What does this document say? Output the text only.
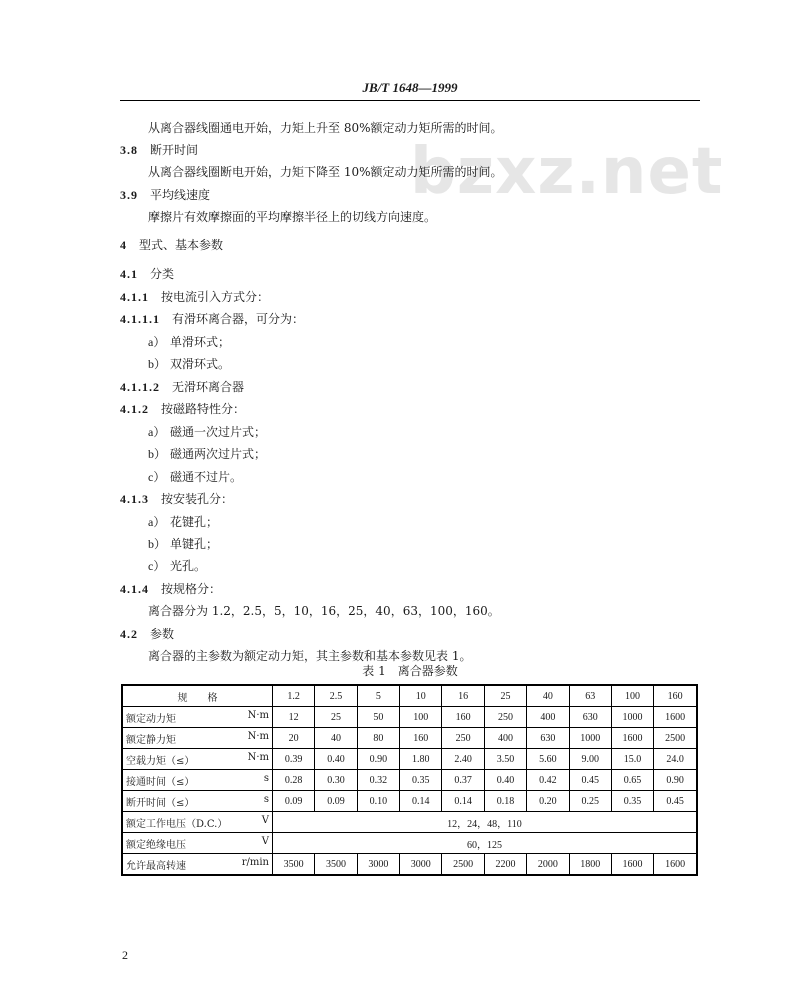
JB/T 1648—1999
bzxz.net
从离合器线圈通电开始，力矩上升至 80%额定动力矩所需的时间。
3.8 断开时间
从离合器线圈断电开始，力矩下降至 10%额定动力矩所需的时间。
3.9 平均线速度
摩擦片有效摩擦面的平均摩擦半径上的切线方向速度。
4 型式、基本参数
4.1 分类
4.1.1 按电流引入方式分：
4.1.1.1 有滑环离合器，可分为：
a） 单滑环式；
b） 双滑环式。
4.1.1.2 无滑环离合器
4.1.2 按磁路特性分：
a） 磁通一次过片式；
b） 磁通两次过片式；
c） 磁通不过片。
4.1.3 按安装孔分：
a） 花键孔；
b） 单键孔；
c） 光孔。
4.1.4 按规格分：
离合器分为 1.2，2.5，5，10，16，25，40，63，100，160。
4.2 参数
离合器的主参数为额定动力矩，其主参数和基本参数见表 1。
表 1　离合器参数
规　　格	1.2	2.5	5	10	16	25	40	63	100	160

额定动力矩 N·m	12	25	50	100	160	250	400	630	1000	1600

额定静力矩 N·m	20	40	80	160	250	400	630	1000	1600	2500

空载力矩（≤） N·m	0.39	0.40	0.90	1.80	2.40	3.50	5.60	9.00	15.0	24.0

接通时间（≤） s	0.28	0.30	0.32	0.35	0.37	0.40	0.42	0.45	0.65	0.90

断开时间（≤） s	0.09	0.09	0.10	0.14	0.14	0.18	0.20	0.25	0.35	0.45

额定工作电压（D.C.） V	12，24，48，110									

额定绝缘电压 V	60，125									

允许最高转速 r/min	3500	3500	3000	3000	2500	2200	2000	1800	1600	1600
2
